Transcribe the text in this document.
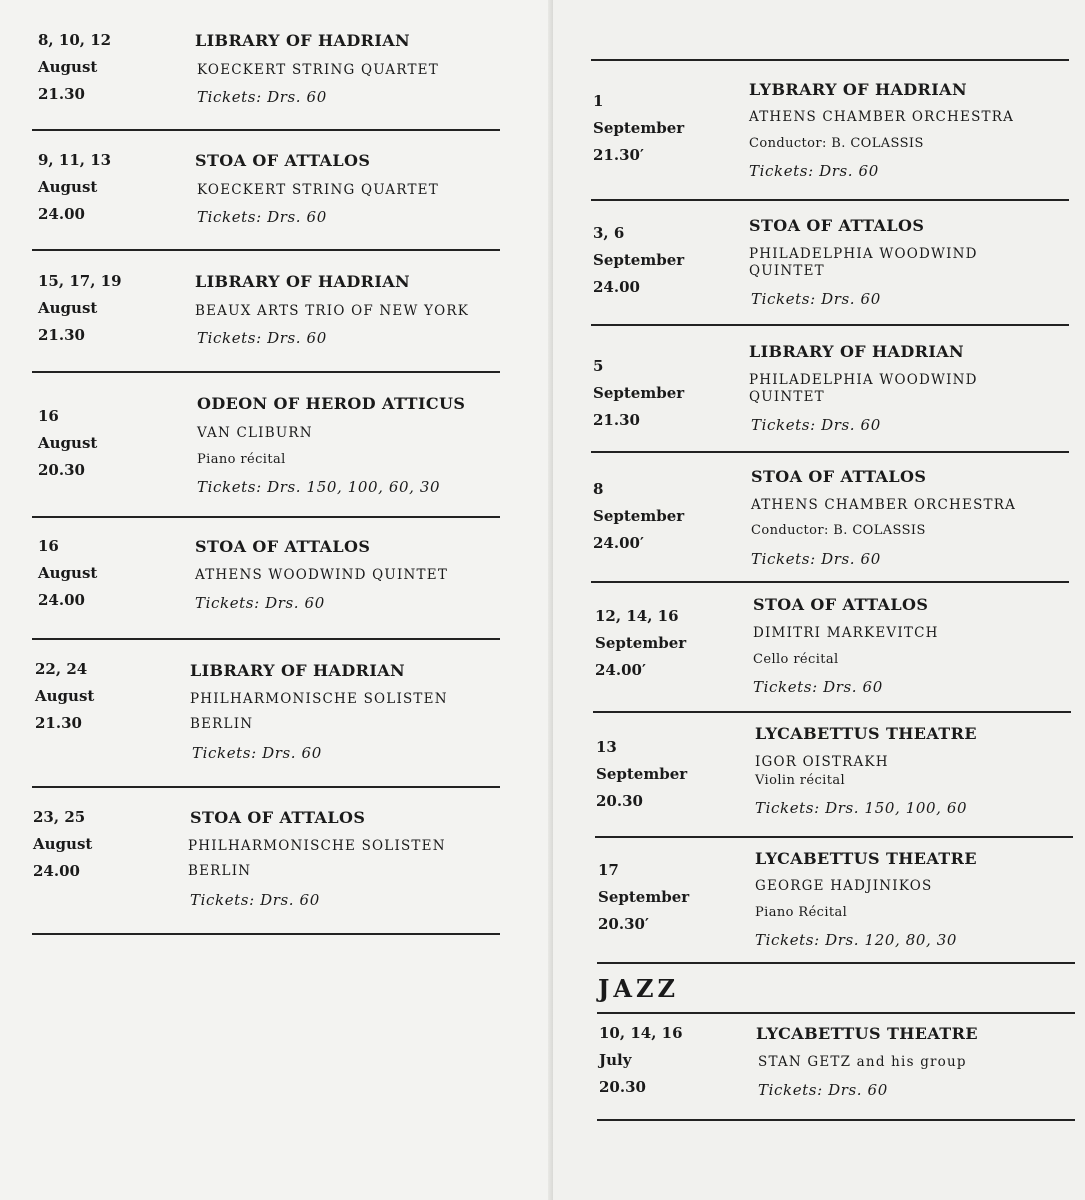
8, 10, 12
August
21.30
LIBRARY OF HADRIAN
KOECKERT STRING QUARTET
Tickets: Drs. 60
9, 11, 13
August
24.00
STOA OF ATTALOS
KOECKERT STRING QUARTET
Tickets: Drs. 60
15, 17, 19
August
21.30
LIBRARY OF HADRIAN
BEAUX ARTS TRIO OF NEW YORK
Tickets: Drs. 60
16
August
20.30
ODEON OF HEROD ATTICUS
VAN CLIBURN
Piano récital
Tickets: Drs. 150, 100, 60, 30
16
August
24.00
STOA OF ATTALOS
ATHENS WOODWIND QUINTET
Tickets: Drs. 60
22, 24
August
21.30
LIBRARY OF HADRIAN
PHILHARMONISCHE SOLISTEN
BERLIN
Tickets: Drs. 60
23, 25
August
24.00
STOA OF ATTALOS
PHILHARMONISCHE SOLISTEN
BERLIN
Tickets: Drs. 60
1
September
21.30′
LYBRARY OF HADRIAN
ATHENS CHAMBER ORCHESTRA
Conductor: B. COLASSIS
Tickets: Drs. 60
3, 6
September
24.00
STOA OF ATTALOS
PHILADELPHIA WOODWIND
QUINTET
Tickets: Drs. 60
5
September
21.30
LIBRARY OF HADRIAN
PHILADELPHIA WOODWIND
QUINTET
Tickets: Drs. 60
8
September
24.00′
STOA OF ATTALOS
ATHENS CHAMBER ORCHESTRA
Conductor: B. COLASSIS
Tickets: Drs. 60
12, 14, 16
September
24.00′
STOA OF ATTALOS
DIMITRI MARKEVITCH
Cello récital
Tickets: Drs. 60
13
September
20.30
LYCABETTUS THEATRE
IGOR OISTRAKH
Violin récital
Tickets: Drs. 150, 100, 60
17
September
20.30′
LYCABETTUS THEATRE
GEORGE HADJINIKOS
Piano Récital
Tickets: Drs. 120, 80, 30
JAZZ
10, 14, 16
July
20.30
LYCABETTUS THEATRE
STAN GETZ and his group
Tickets: Drs. 60
